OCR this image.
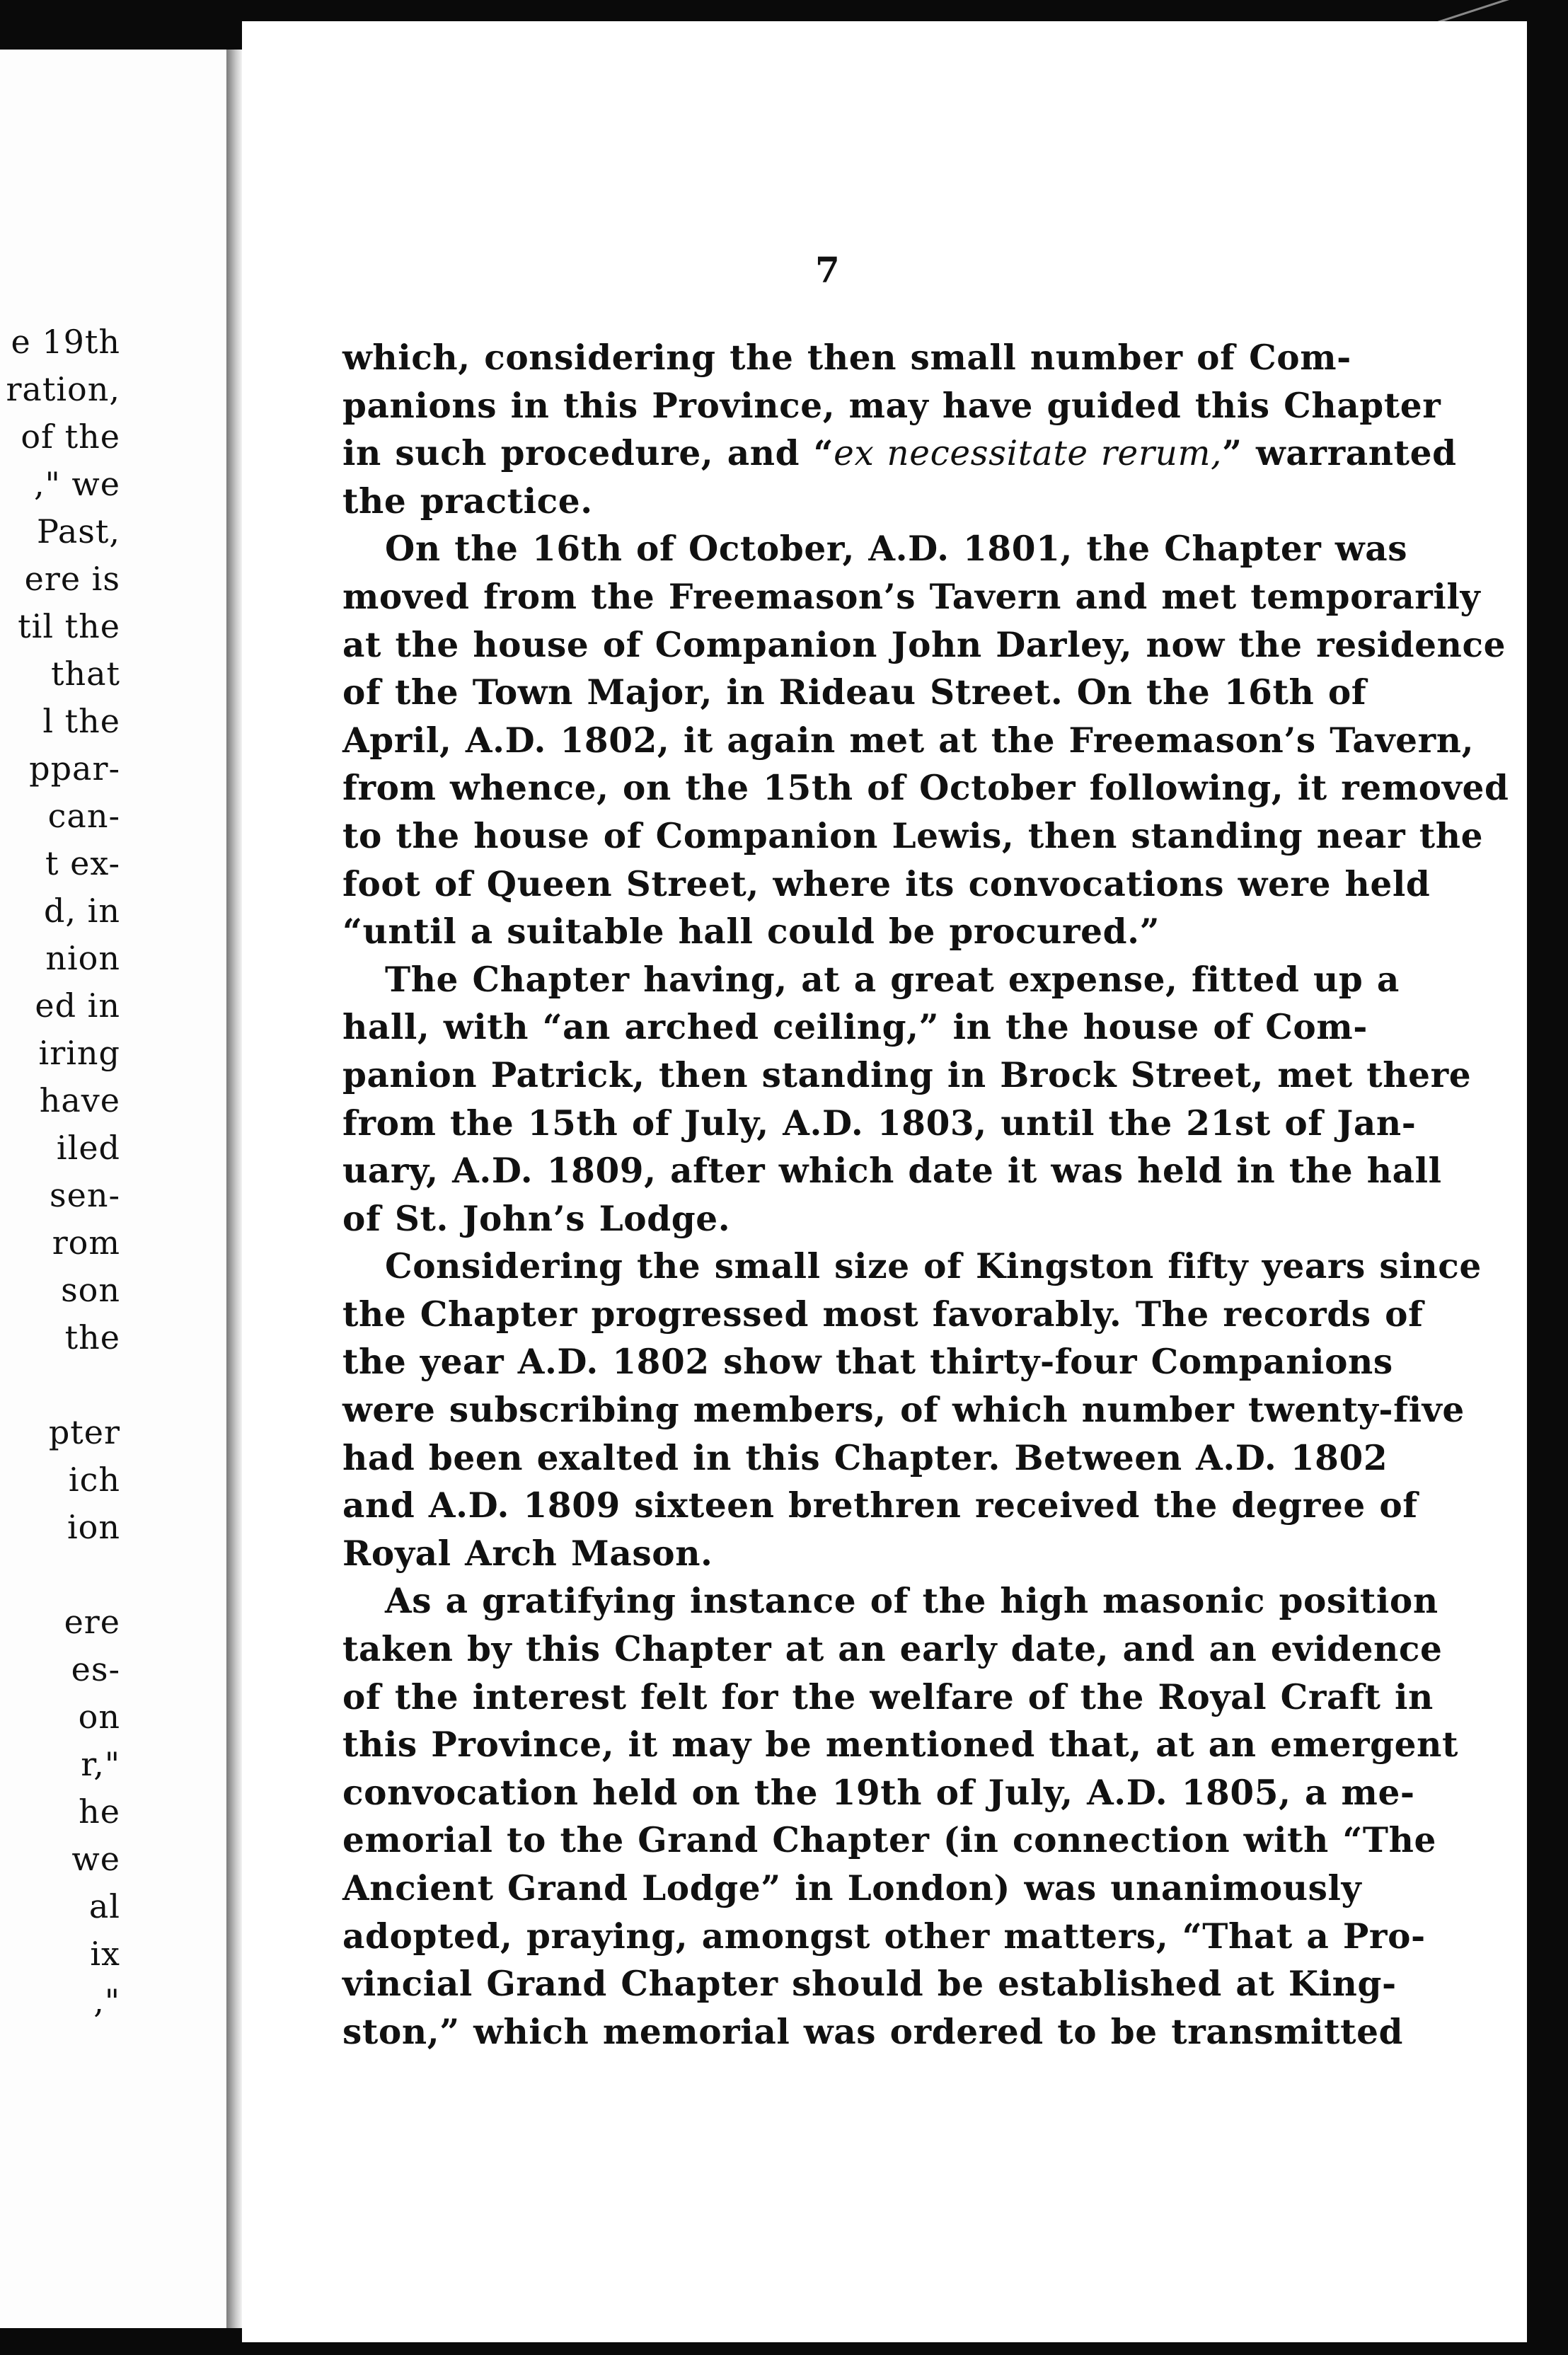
e 19th
ration,
of the
," we
Past,
ere is
til the
that
l the
ppar-
can-
t ex-
d, in
nion
ed in
iring
have
iled
sen-
rom
son
the
pter
ich
ion
ere
es-
on
r,"
he
we
al
ix
,"
7
which, considering the then small number of Com-
panions in this Province, may have guided this Chapter
in such procedure, and “ex necessitate rerum,” warranted
the practice.
On the 16th of October, A.D. 1801, the Chapter was
moved from the Freemason’s Tavern and met temporarily
at the house of Companion John Darley, now the residence
of the Town Major, in Rideau Street. On the 16th of
April, A.D. 1802, it again met at the Freemason’s Tavern,
from whence, on the 15th of October following, it removed
to the house of Companion Lewis, then standing near the
foot of Queen Street, where its convocations were held
“until a suitable hall could be procured.”
The Chapter having, at a great expense, fitted up a
hall, with “an arched ceiling,” in the house of Com-
panion Patrick, then standing in Brock Street, met there
from the 15th of July, A.D. 1803, until the 21st of Jan-
uary, A.D. 1809, after which date it was held in the hall
of St. John’s Lodge.
Considering the small size of Kingston fifty years since
the Chapter progressed most favorably. The records of
the year A.D. 1802 show that thirty-four Companions
were subscribing members, of which number twenty-five
had been exalted in this Chapter. Between A.D. 1802
and A.D. 1809 sixteen brethren received the degree of
Royal Arch Mason.
As a gratifying instance of the high masonic position
taken by this Chapter at an early date, and an evidence
of the interest felt for the welfare of the Royal Craft in
this Province, it may be mentioned that, at an emergent
convocation held on the 19th of July, A.D. 1805, a me-
emorial to the Grand Chapter (in connection with “The
Ancient Grand Lodge” in London) was unanimously
adopted, praying, amongst other matters, “That a Pro-
vincial Grand Chapter should be established at King-
ston,” which memorial was ordered to be transmitted
